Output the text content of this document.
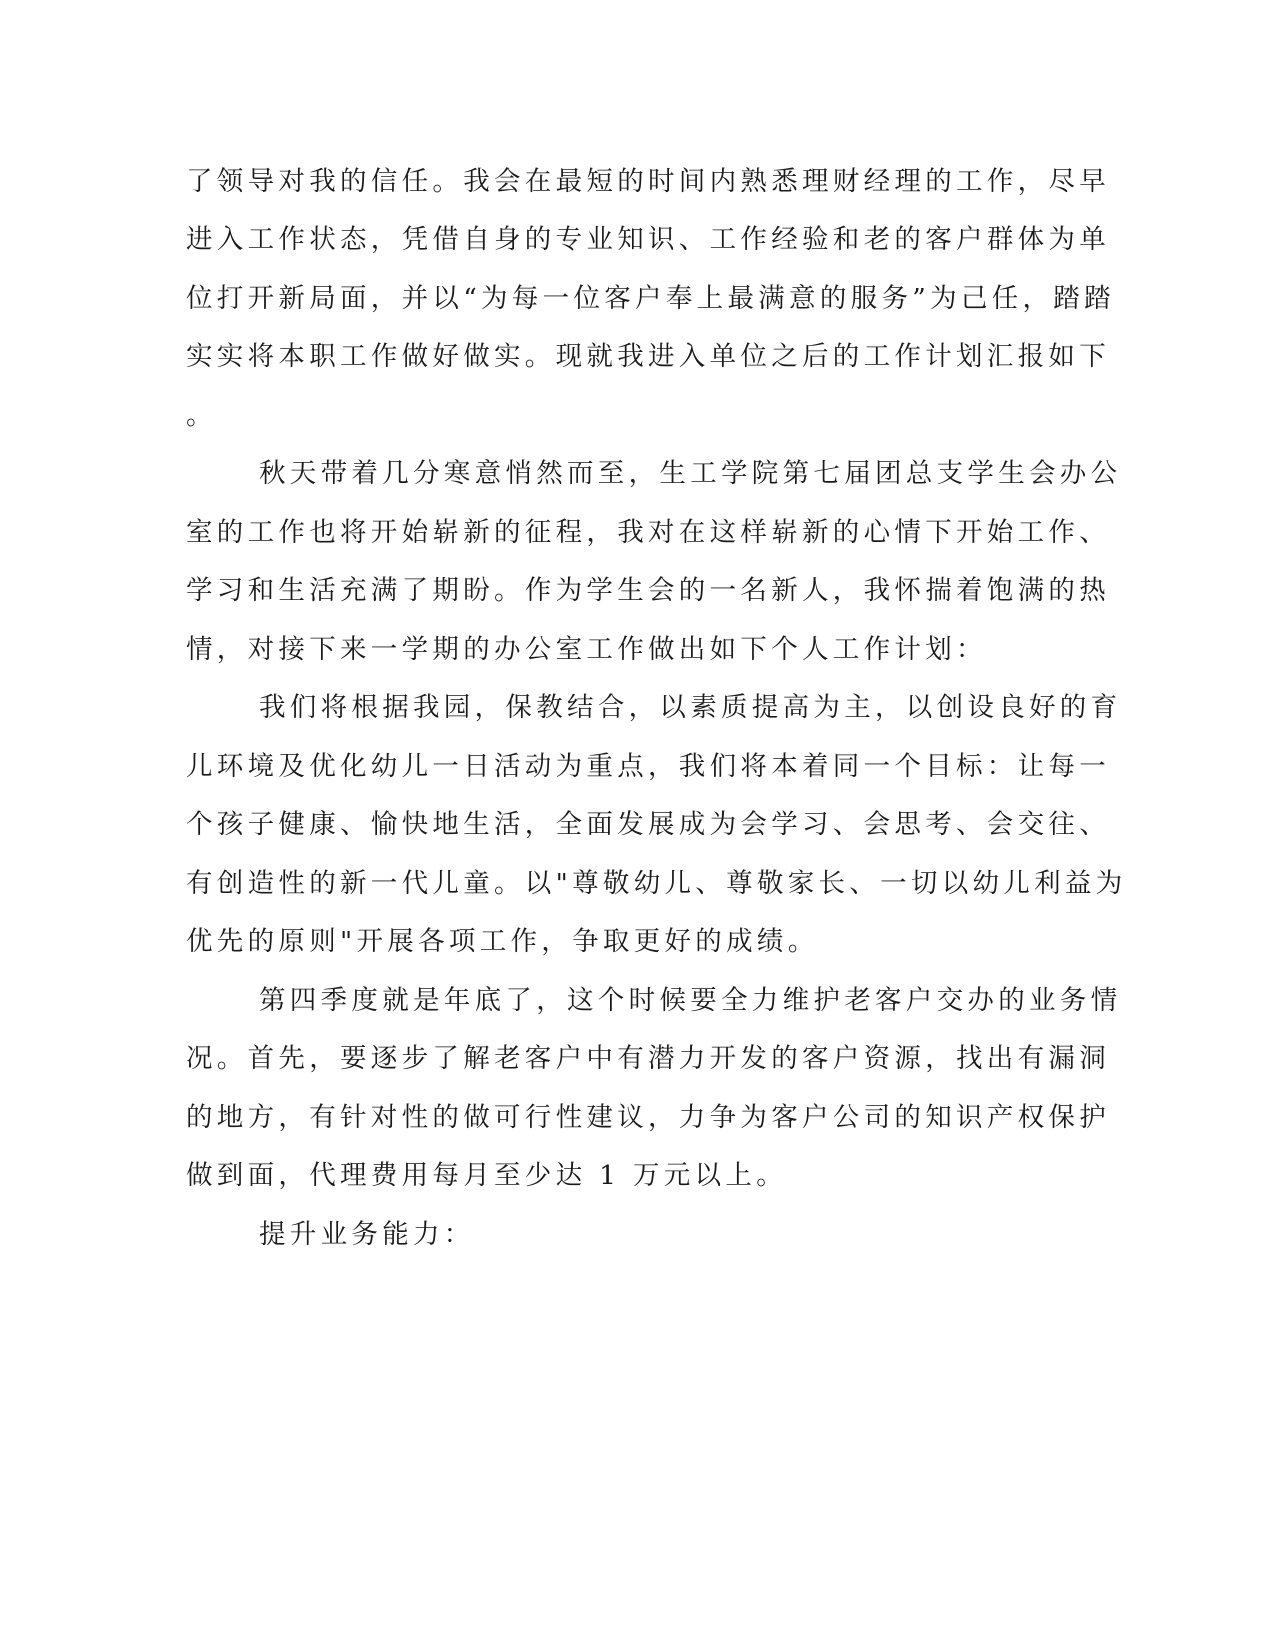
了领导对我的信任。我会在最短的时间内熟悉理财经理的工作，尽早
进入工作状态，凭借自身的专业知识、工作经验和老的客户群体为单
位打开新局面，并以“为每一位客户奉上最满意的服务”为己任，踏踏
实实将本职工作做好做实。现就我进入单位之后的工作计划汇报如下
。
秋天带着几分寒意悄然而至，生工学院第七届团总支学生会办公
室的工作也将开始崭新的征程，我对在这样崭新的心情下开始工作、
学习和生活充满了期盼。作为学生会的一名新人，我怀揣着饱满的热
情，对接下来一学期的办公室工作做出如下个人工作计划：
我们将根据我园，保教结合，以素质提高为主，以创设良好的育
儿环境及优化幼儿一日活动为重点，我们将本着同一个目标：让每一
个孩子健康、愉快地生活，全面发展成为会学习、会思考、会交往、
有创造性的新一代儿童。以"尊敬幼儿、尊敬家长、一切以幼儿利益为
优先的原则"开展各项工作，争取更好的成绩。
第四季度就是年底了，这个时候要全力维护老客户交办的业务情
况。首先，要逐步了解老客户中有潜力开发的客户资源，找出有漏洞
的地方，有针对性的做可行性建议，力争为客户公司的知识产权保护
做到面，代理费用每月至少达 1 万元以上。
提升业务能力：
